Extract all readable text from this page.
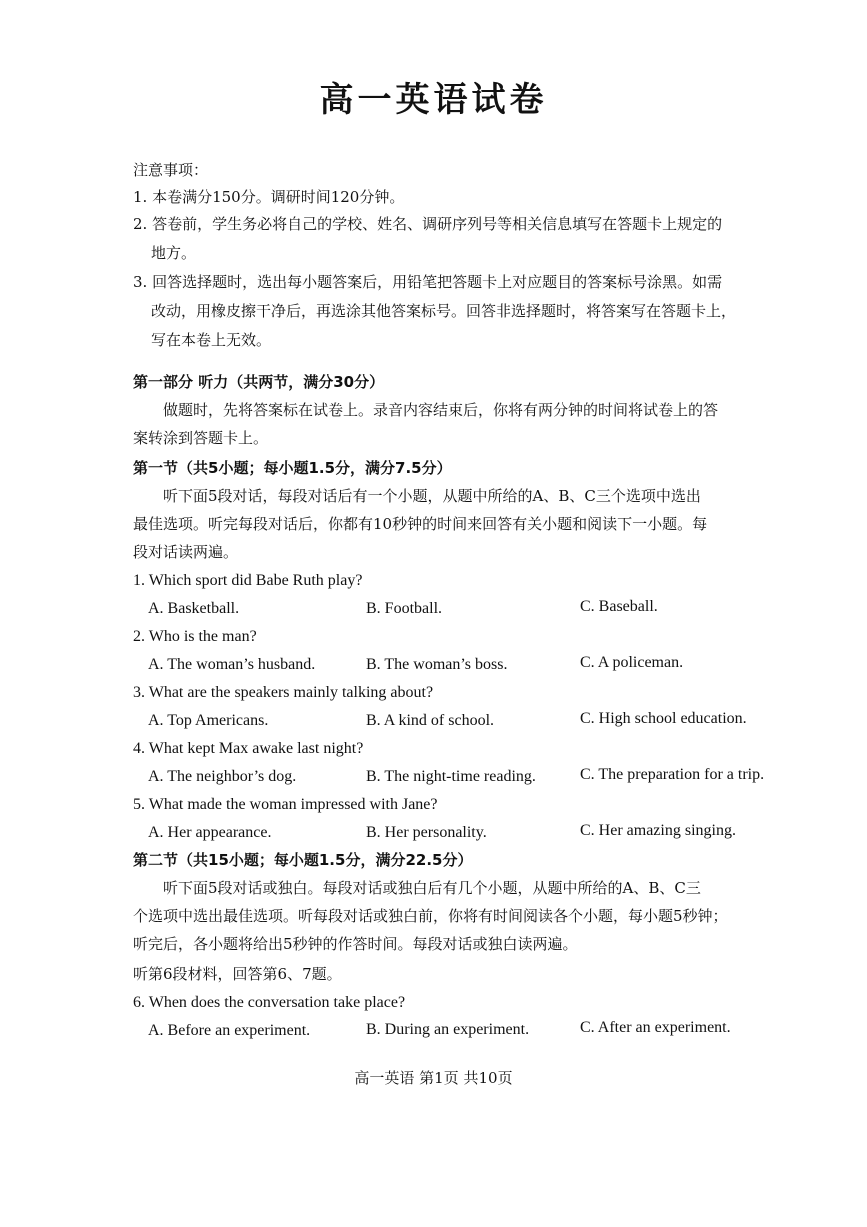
高一英语试卷
注意事项：
1. 本卷满分150分。调研时间120分钟。
2. 答卷前，学生务必将自己的学校、姓名、调研序列号等相关信息填写在答题卡上规定的
地方。
3. 回答选择题时，选出每小题答案后，用铅笔把答题卡上对应题目的答案标号涂黑。如需
改动，用橡皮擦干净后，再选涂其他答案标号。回答非选择题时，将答案写在答题卡上，
写在本卷上无效。
第一部分 听力（共两节，满分30分）
做题时，先将答案标在试卷上。录音内容结束后，你将有两分钟的时间将试卷上的答
案转涂到答题卡上。
第一节（共5小题；每小题1.5分，满分7.5分）
听下面5段对话，每段对话后有一个小题，从题中所给的A、B、C三个选项中选出
最佳选项。听完每段对话后，你都有10秒钟的时间来回答有关小题和阅读下一小题。每
段对话读两遍。
1. Which sport did Babe Ruth play?
A. Basketball.	B. Football.	C. Baseball.
2. Who is the man?
A. The woman’s husband.	B. The woman’s boss.	C. A policeman.
3. What are the speakers mainly talking about?
A. Top Americans.	B. A kind of school.	C. High school education.
4. What kept Max awake last night?
A. The neighbor’s dog.	B. The night-time reading.	C. The preparation for a trip.
5. What made the woman impressed with Jane?
A. Her appearance.	B. Her personality.	C. Her amazing singing.
第二节（共15小题；每小题1.5分，满分22.5分）
听下面5段对话或独白。每段对话或独白后有几个小题，从题中所给的A、B、C三
个选项中选出最佳选项。听每段对话或独白前，你将有时间阅读各个小题，每小题5秒钟；
听完后，各小题将给出5秒钟的作答时间。每段对话或独白读两遍。
听第6段材料，回答第6、7题。
6. When does the conversation take place?
A. Before an experiment.	B. During an experiment.	C. After an experiment.
高一英语 第1页 共10页
